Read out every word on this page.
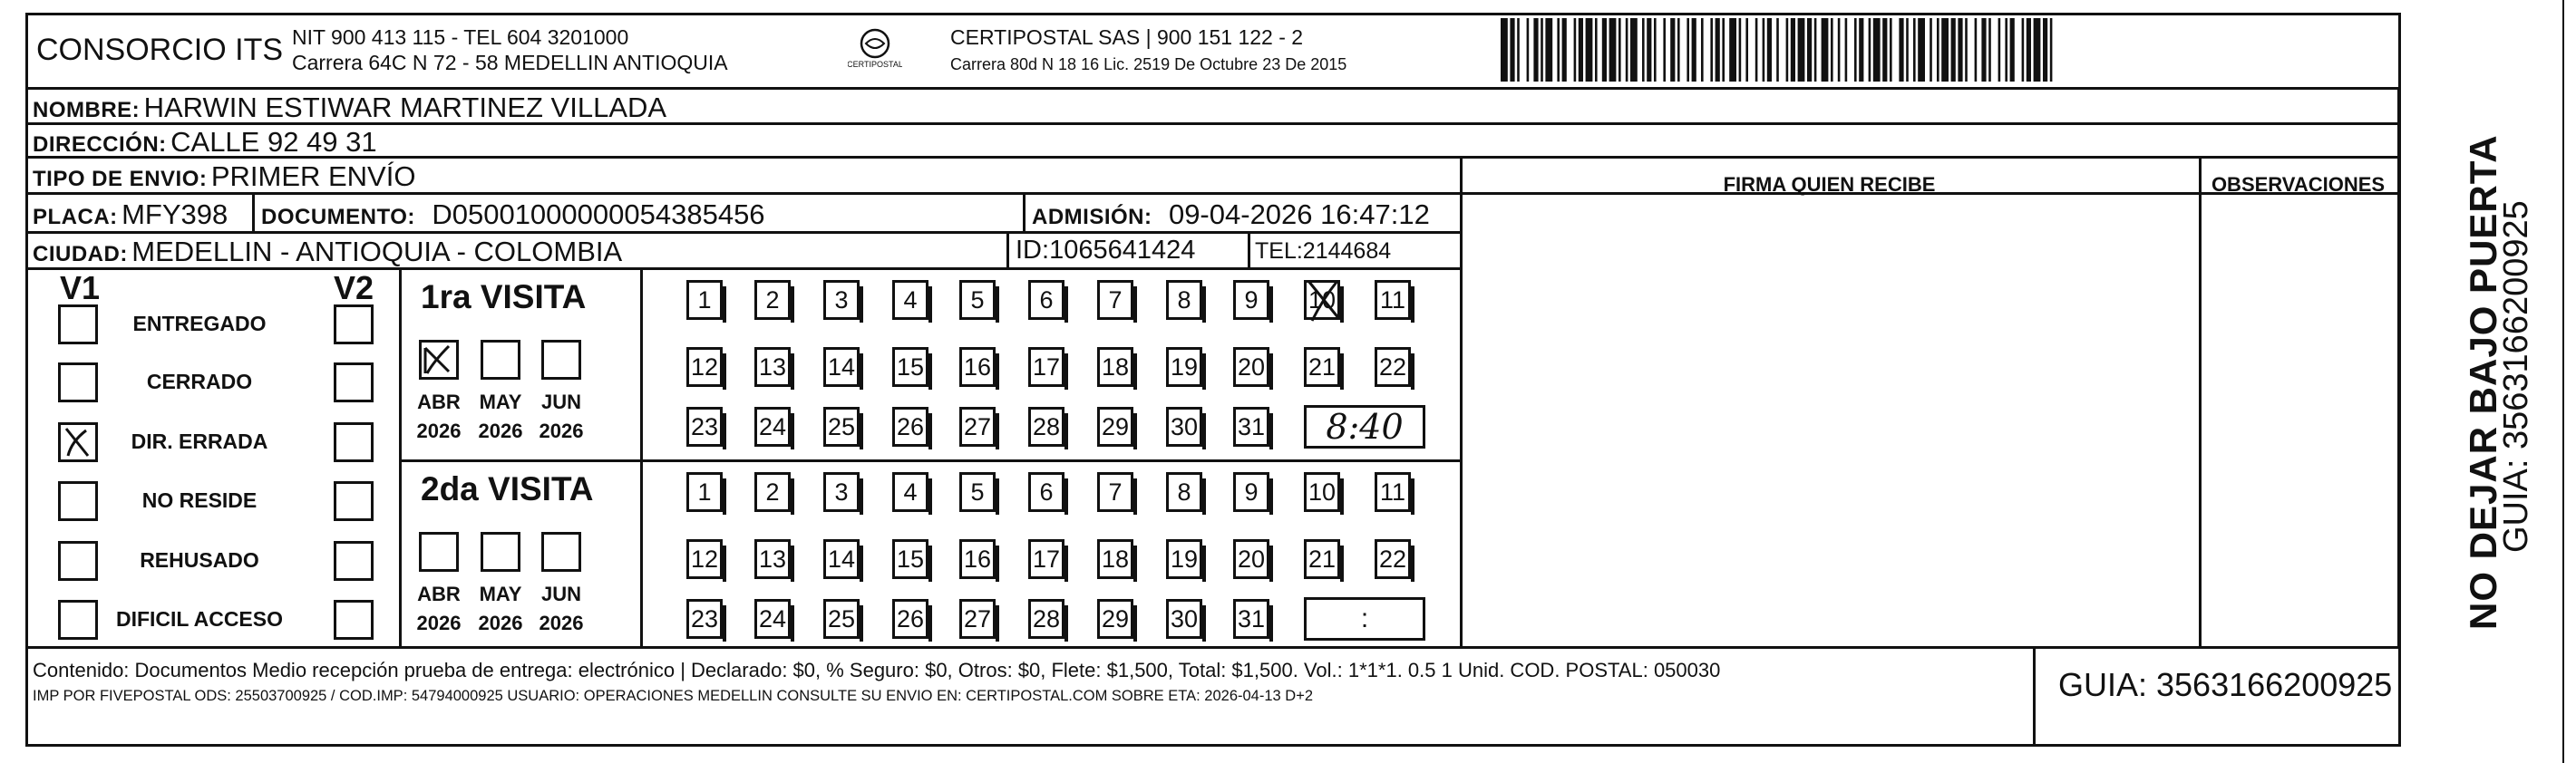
CONSORCIO ITS NIT 900 413 115 - TEL 604 3201000
Carrera 64C N 72 - 58 MEDELLIN ANTIOQUIA	CERTIPOSTAL
CERTIPOSTAL SAS | 900 151 122 - 2
Carrera 80d N 18 16 Lic. 2519 De Octubre 23 De 2015
NOMBRE: HARWIN ESTIWAR MARTINEZ VILLADA
DIRECCIÓN: CALLE 92 49 31
TIPO DE ENVIO: PRIMER ENVÍO
PLACA: MFY398 DOCUMENTO: D05001000000054385456	ADMISIÓN: 09-04-2026 16:47:12
CIUDAD: MEDELLIN - ANTIOQUIA - COLOMBIA	ID:1065641424	TEL:2144684
FIRMA QUIEN RECIBE	OBSERVACIONES
V1	V2
ENTREGADO
CERRADO
DIR. ERRADA
NO RESIDE
REHUSADO
DIFICIL ACCESO
1ra VISITA
ABR
2026
MAY
2026
JUN
2026
1 2 3 4 5 6 7 8 9 10 11
12 13 14 15 16 17 18 19 20 21 22
23 24 25 26 27 28 29 30 31 8:40
2da VISITA
ABR
2026
MAY
2026
JUN
2026
1 2 3 4 5 6 7 8 9 10 11
12 13 14 15 16 17 18 19 20 21 22
23 24 25 26 27 28 29 30 31	:
Contenido: Documentos Medio recepción prueba de entrega: electrónico | Declarado: $0, % Seguro: $0, Otros: $0, Flete: $1,500, Total: $1,500. Vol.: 1*1*1. 0.5 1 Unid. COD. POSTAL: 050030
IMP POR FIVEPOSTAL ODS: 25503700925 / COD.IMP: 54794000925 USUARIO: OPERACIONES MEDELLIN CONSULTE SU ENVIO EN: CERTIPOSTAL.COM SOBRE ETA: 2026-04-13 D+2	GUIA: 3563166200925
NO DEJAR BAJO PUERTA
GUIA: 3563166200925
